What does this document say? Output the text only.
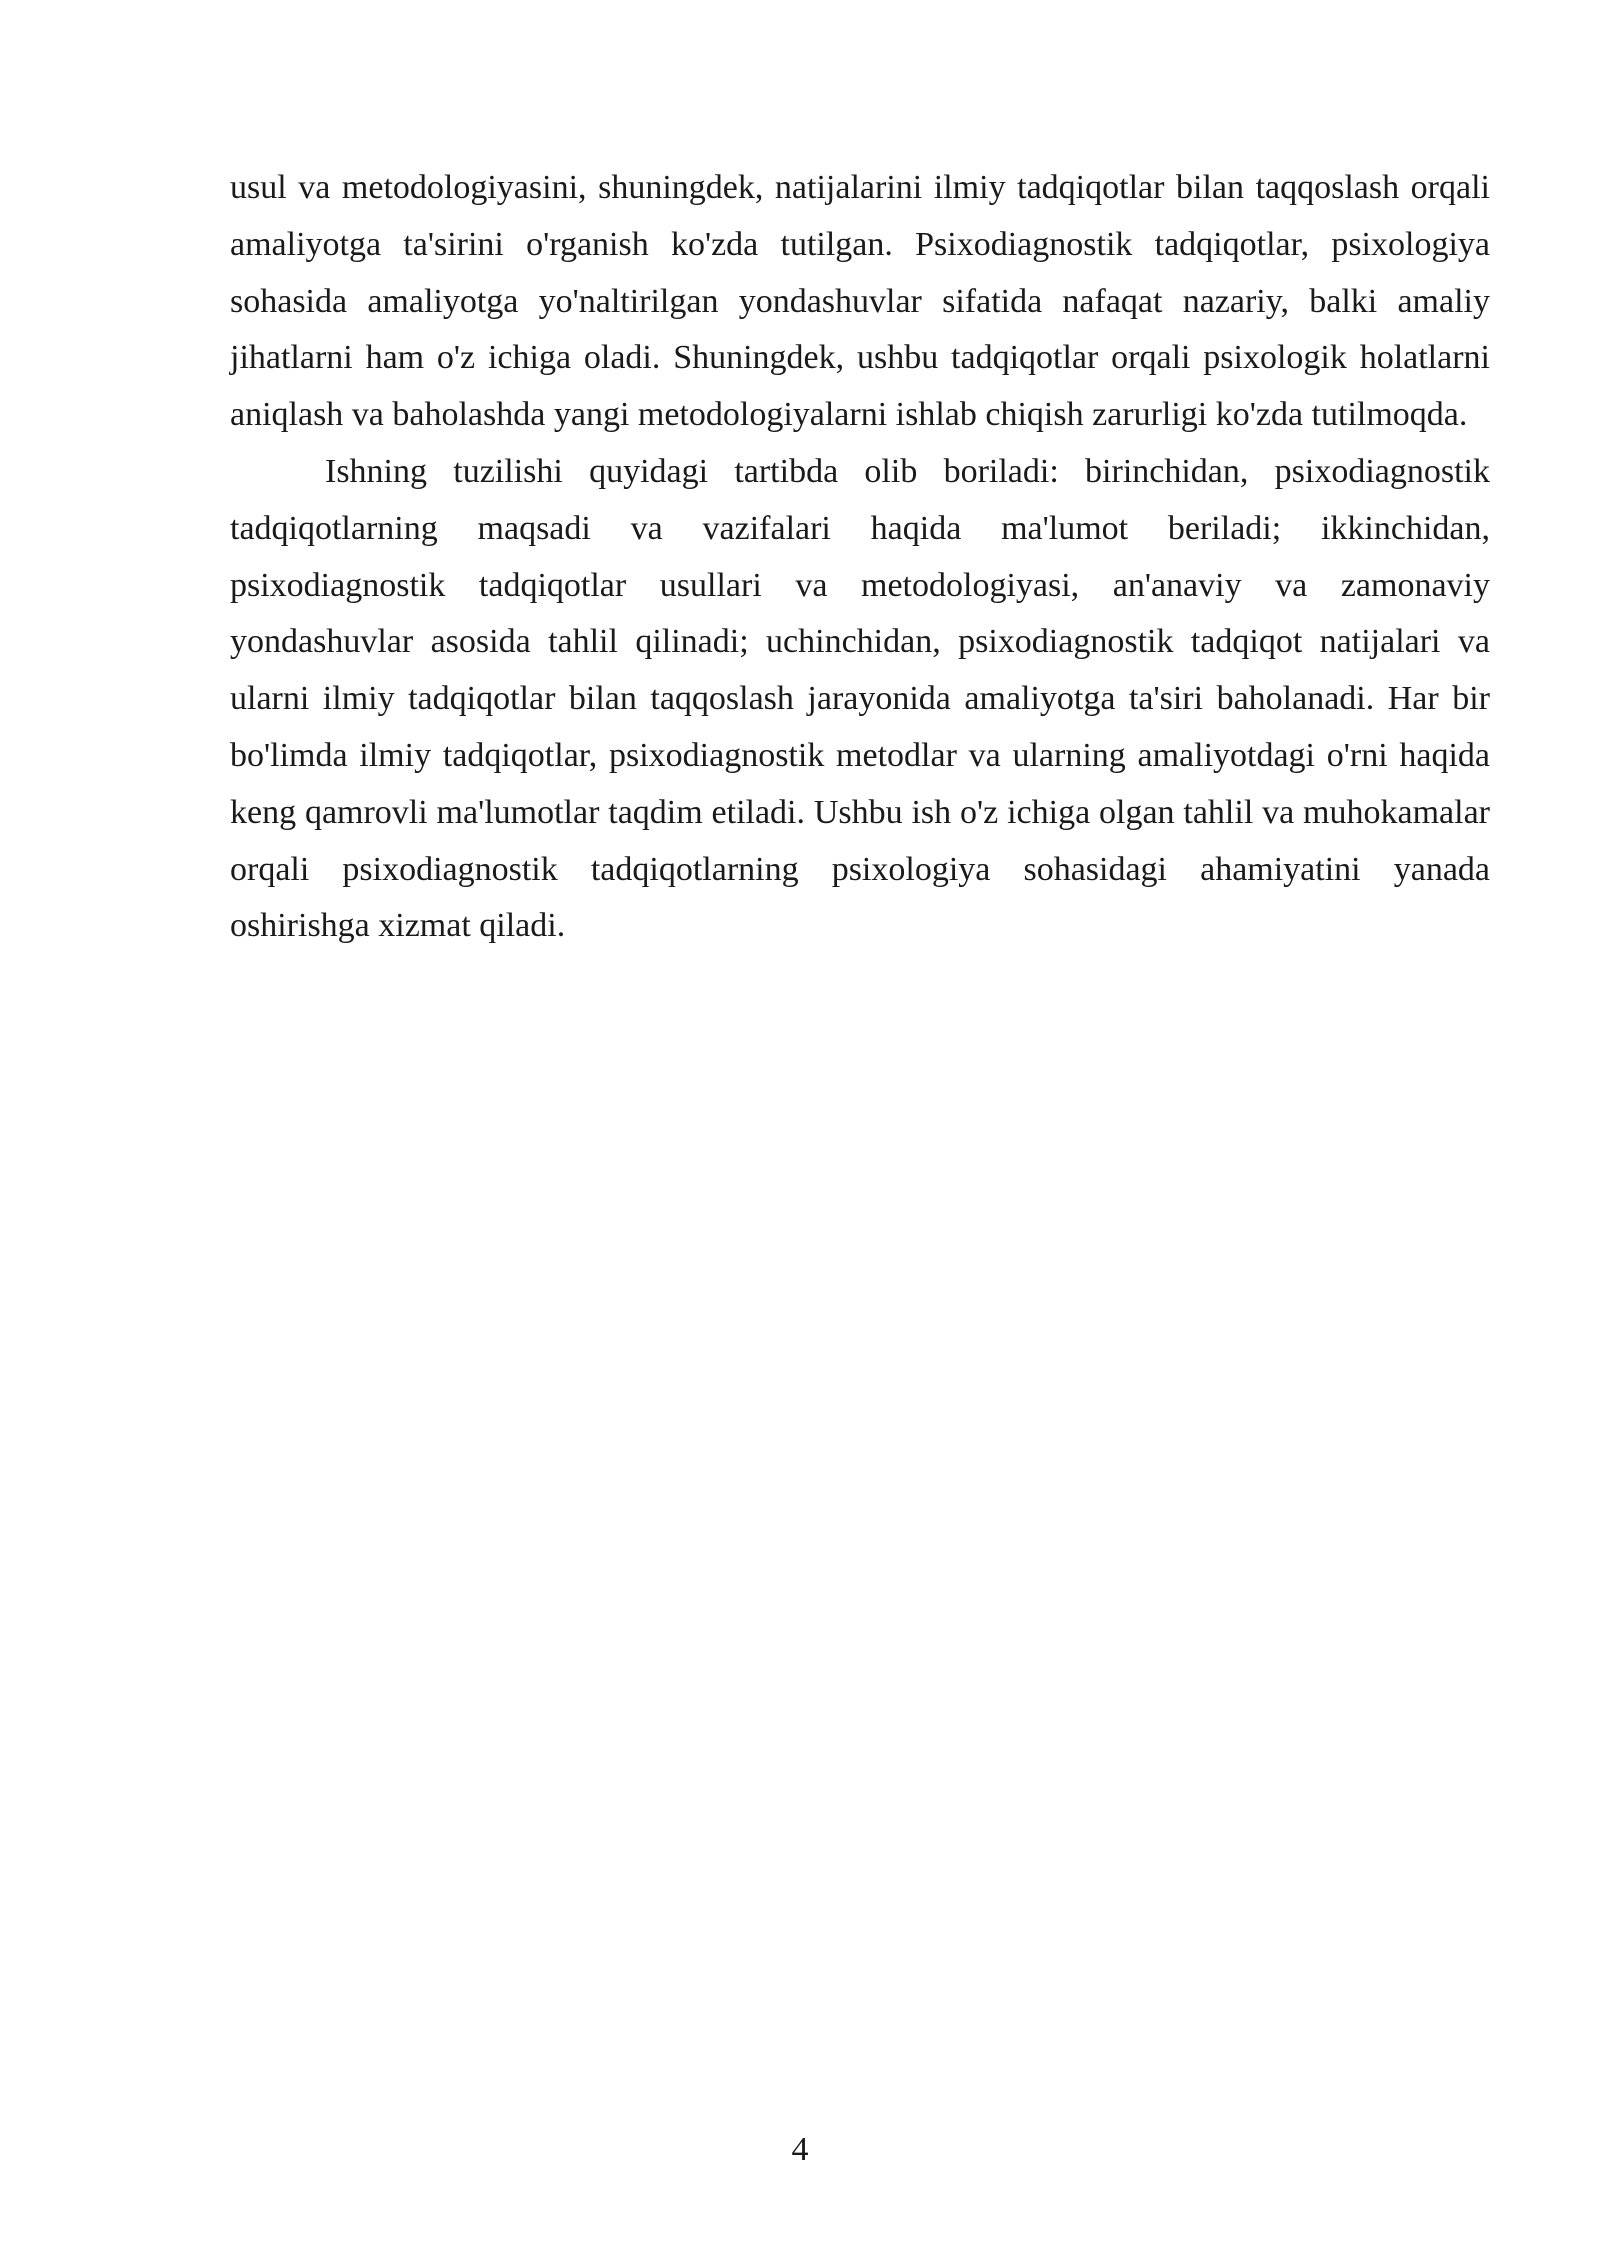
usul va metodologiyasini, shuningdek, natijalarini ilmiy tadqiqotlar bilan taqqoslash orqali amaliyotga ta'sirini o'rganish ko'zda tutilgan. Psixodiagnostik tadqiqotlar, psixologiya sohasida amaliyotga yo'naltirilgan yondashuvlar sifatida nafaqat nazariy, balki amaliy jihatlarni ham o'z ichiga oladi. Shuningdek, ushbu tadqiqotlar orqali psixologik holatlarni aniqlash va baholashda yangi metodologiyalarni ishlab chiqish zarurligi ko'zda tutilmoqda.

Ishning tuzilishi quyidagi tartibda olib boriladi: birinchidan, psixodiagnostik tadqiqotlarning maqsadi va vazifalari haqida ma'lumot beriladi; ikkinchidan, psixodiagnostik tadqiqotlar usullari va metodologiyasi, an'anaviy va zamonaviy yondashuvlar asosida tahlil qilinadi; uchinchidan, psixodiagnostik tadqiqot natijalari va ularni ilmiy tadqiqotlar bilan taqqoslash jarayonida amaliyotga ta'siri baholanadi. Har bir bo'limda ilmiy tadqiqotlar, psixodiagnostik metodlar va ularning amaliyotdagi o'rni haqida keng qamrovli ma'lumotlar taqdim etiladi. Ushbu ish o'z ichiga olgan tahlil va muhokamalar orqali psixodiagnostik tadqiqotlarning psixologiya sohasidagi ahamiyatini yanada oshirishga xizmat qiladi.

4
